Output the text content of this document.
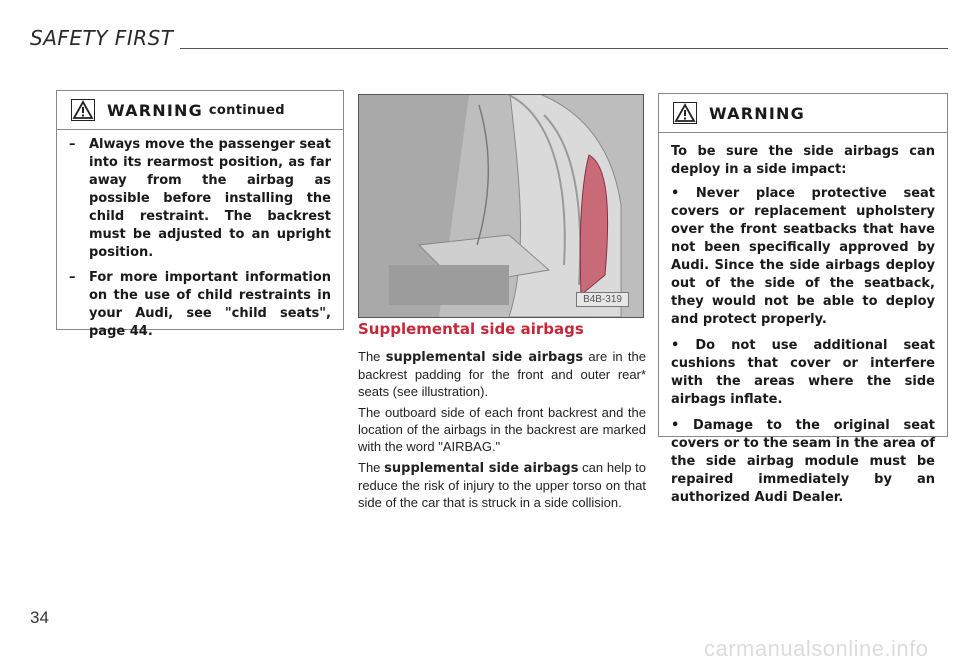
SAFETY FIRST
WARNING continued
–	Always move the passenger seat into its rearmost position, as far away from the airbag as possible before installing the child restraint. The backrest must be adjusted to an upright position.
–	For more important information on the use of child restraints in your Audi, see "child seats", page 44.
B4B-319
Supplemental side airbags

The supplemental side airbags are in the backrest padding for the front and outer rear* seats (see illustration).

The outboard side of each front backrest and the location of the airbags in the backrest are marked with the word "AIRBAG."

The supplemental side airbags can help to reduce the risk of injury to the upper torso on that side of the car that is struck in a side collision.

WARNING

To be sure the side airbags can deploy in a side impact:

• Never place protective seat covers or replacement upholstery over the front seatbacks that have not been specifically approved by Audi. Since the side airbags deploy out of the side of the seatback, they would not be able to deploy and protect properly.
• Do not use additional seat cushions that cover or interfere with the areas where the side airbags inflate.
• Damage to the original seat covers or to the seam in the area of the side airbag module must be repaired immediately by an authorized Audi Dealer.
34
carmanualsonline.info
